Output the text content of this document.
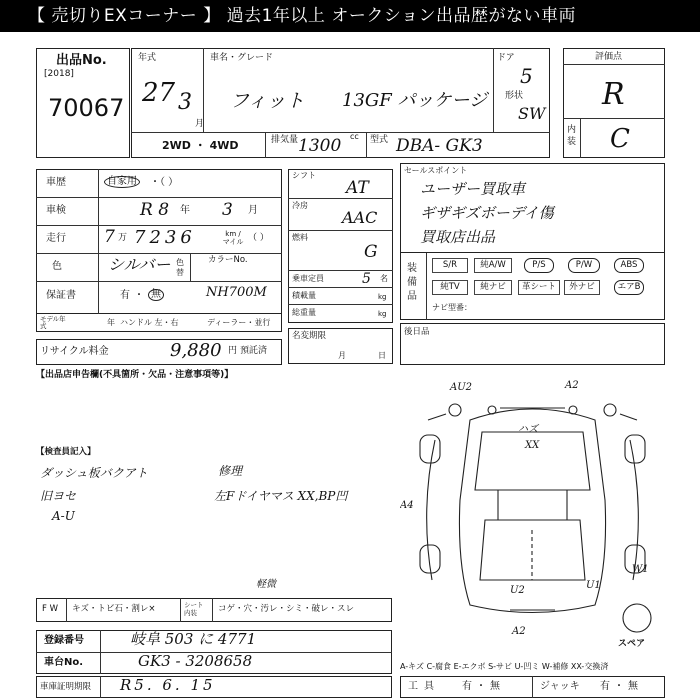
【 売切りEXコーナー 】 過去1年以上 オークション出品歴がない車両
出品No.
[2018]
70067
年式
27 3
月
車名・グレード
フィット 13GF パッケージ
ドア
5
形状
SW
2WD ・ 4WD	排気量 1300 cc 型式 DBA- GK3
評価点
R
内装 C
車歴	自家用	・（ ）
車検	R 8 年 3 月
走行 7 万 7236	km / マイル （ ）
色	シルバー 色替
カラーNo.
保証書	有 ・ 無	NH700M
モデル年式	年 ハンドル 左・右	ディーラー・並行
リサイクル料金	9,880 円 預託済
【出品店申告欄(不具箇所・欠品・注意事項等)】
シフト
AT
冷房
AAC
燃料
G
乗車定員	5 名
積載量	kg
総重量	kg
名変期限
月	日
セールスポイント
ユーザー買取車
ギザギズボーデイ傷
買取店出品
装備品
S/R	純A/W	P/S	P/W	ABS
純TV	純ナビ	革シート	外ナビ	エアB
ナビ型番：
後日品
【検査員記入】
ダッシュ板バクアト
旧ヨセ
A-U
修理
左Fドイヤマス XX,BP凹
AU2	A2
ハズ
XX
A4
U1
U2
W1
A2
スペア
F W キズ・トビ石・割レ×	シート内装	コゲ・穴・汚レ・シミ・破レ・スレ
軽微
登録番号	岐阜 503 に 4771
車台No.	GK3 - 3208658
車庫証明期限 R5. 6. 15
A-キズ C-腐食 E-エクボ S-サビ U-凹ミ W-補修 XX-交換済
工具 有 ・ 無	ジャッキ 有 ・ 無
